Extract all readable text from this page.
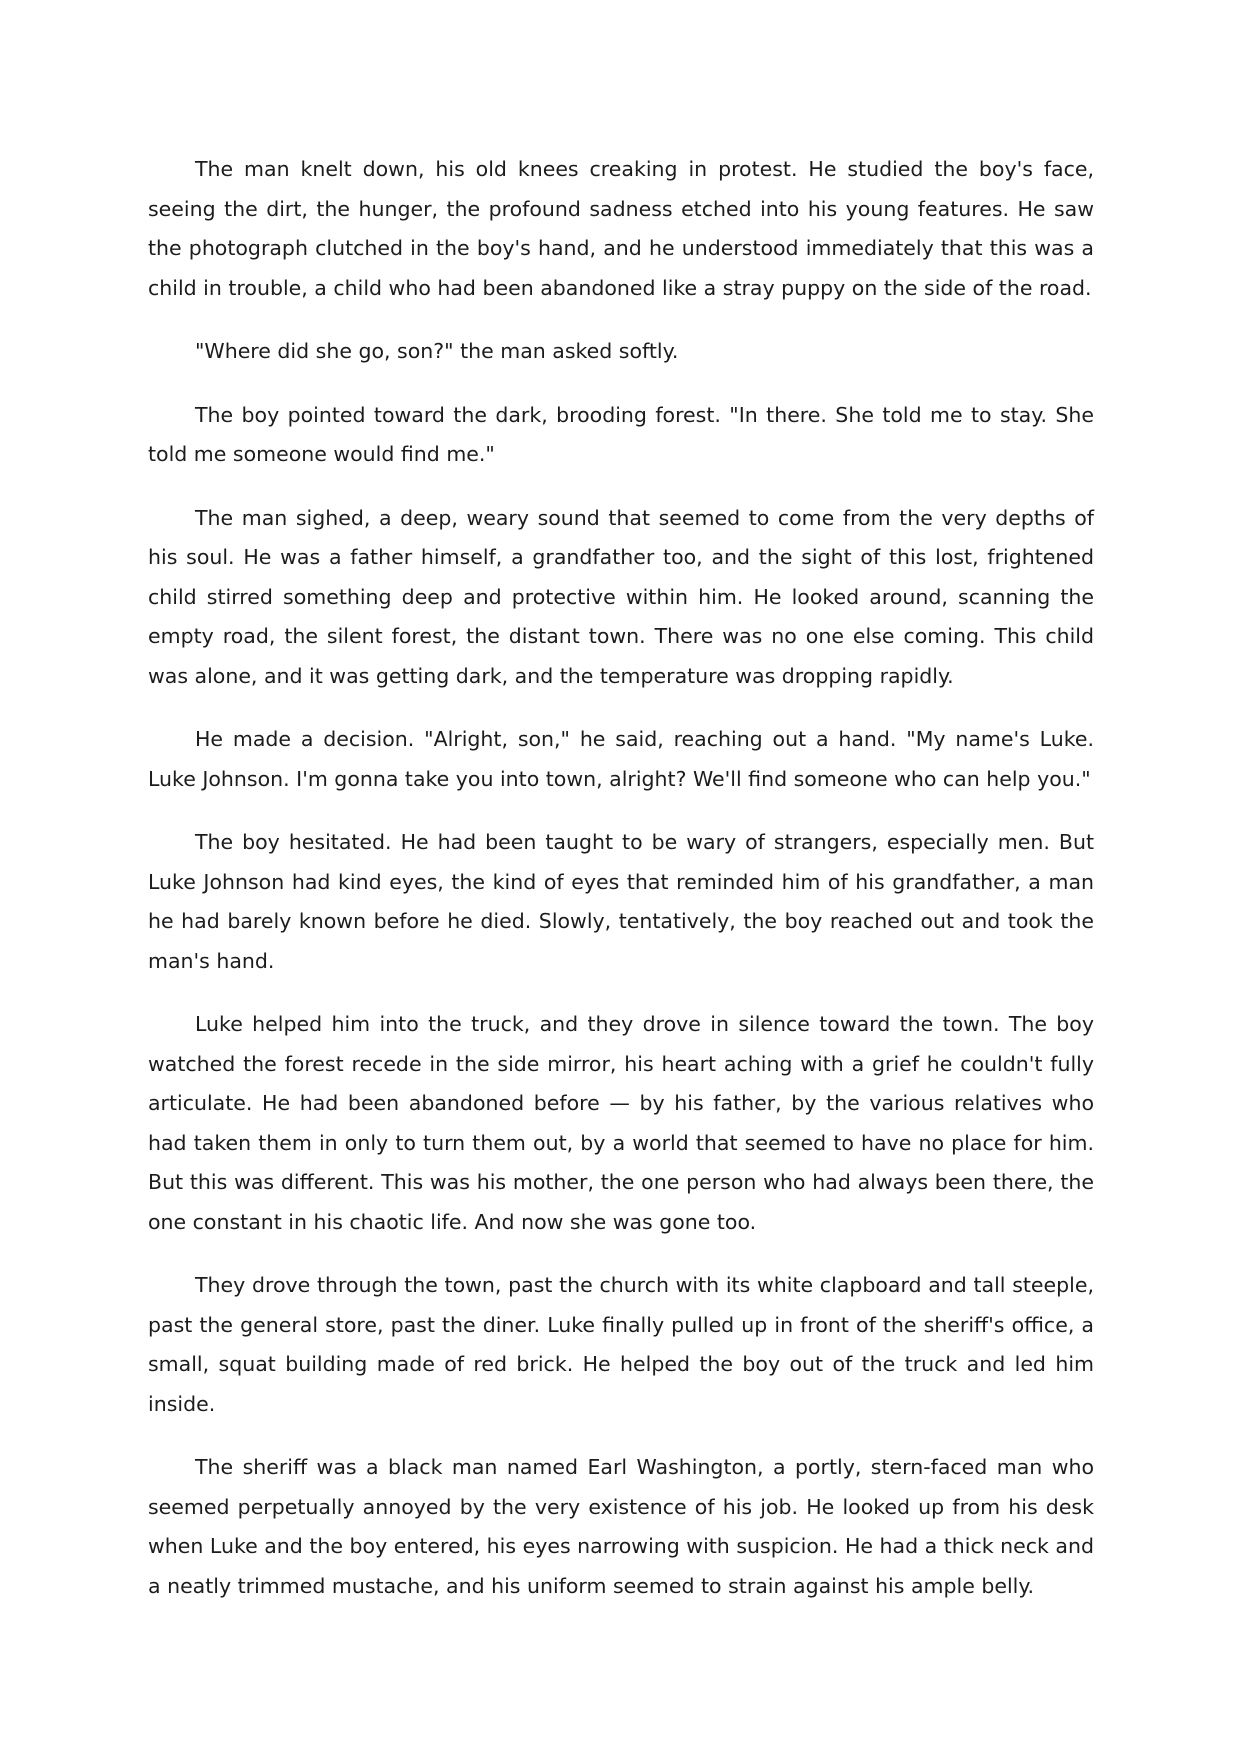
The man knelt down, his old knees creaking in protest. He studied the boy's face, seeing the dirt, the hunger, the profound sadness etched into his young features. He saw the photograph clutched in the boy's hand, and he understood immediately that this was a child in trouble, a child who had been abandoned like a stray puppy on the side of the road.

"Where did she go, son?" the man asked softly.

The boy pointed toward the dark, brooding forest. "In there. She told me to stay. She told me someone would find me."

The man sighed, a deep, weary sound that seemed to come from the very depths of his soul. He was a father himself, a grandfather too, and the sight of this lost, frightened child stirred something deep and protective within him. He looked around, scanning the empty road, the silent forest, the distant town. There was no one else coming. This child was alone, and it was getting dark, and the temperature was dropping rapidly.

He made a decision. "Alright, son," he said, reaching out a hand. "My name's Luke. Luke Johnson. I'm gonna take you into town, alright? We'll find someone who can help you."

The boy hesitated. He had been taught to be wary of strangers, especially men. But Luke Johnson had kind eyes, the kind of eyes that reminded him of his grandfather, a man he had barely known before he died. Slowly, tentatively, the boy reached out and took the man's hand.

Luke helped him into the truck, and they drove in silence toward the town. The boy watched the forest recede in the side mirror, his heart aching with a grief he couldn't fully articulate. He had been abandoned before — by his father, by the various relatives who had taken them in only to turn them out, by a world that seemed to have no place for him. But this was different. This was his mother, the one person who had always been there, the one constant in his chaotic life. And now she was gone too.

They drove through the town, past the church with its white clapboard and tall steeple, past the general store, past the diner. Luke finally pulled up in front of the sheriff's office, a small, squat building made of red brick. He helped the boy out of the truck and led him inside.

The sheriff was a black man named Earl Washington, a portly, stern-faced man who seemed perpetually annoyed by the very existence of his job. He looked up from his desk when Luke and the boy entered, his eyes narrowing with suspicion. He had a thick neck and a neatly trimmed mustache, and his uniform seemed to strain against his ample belly.
